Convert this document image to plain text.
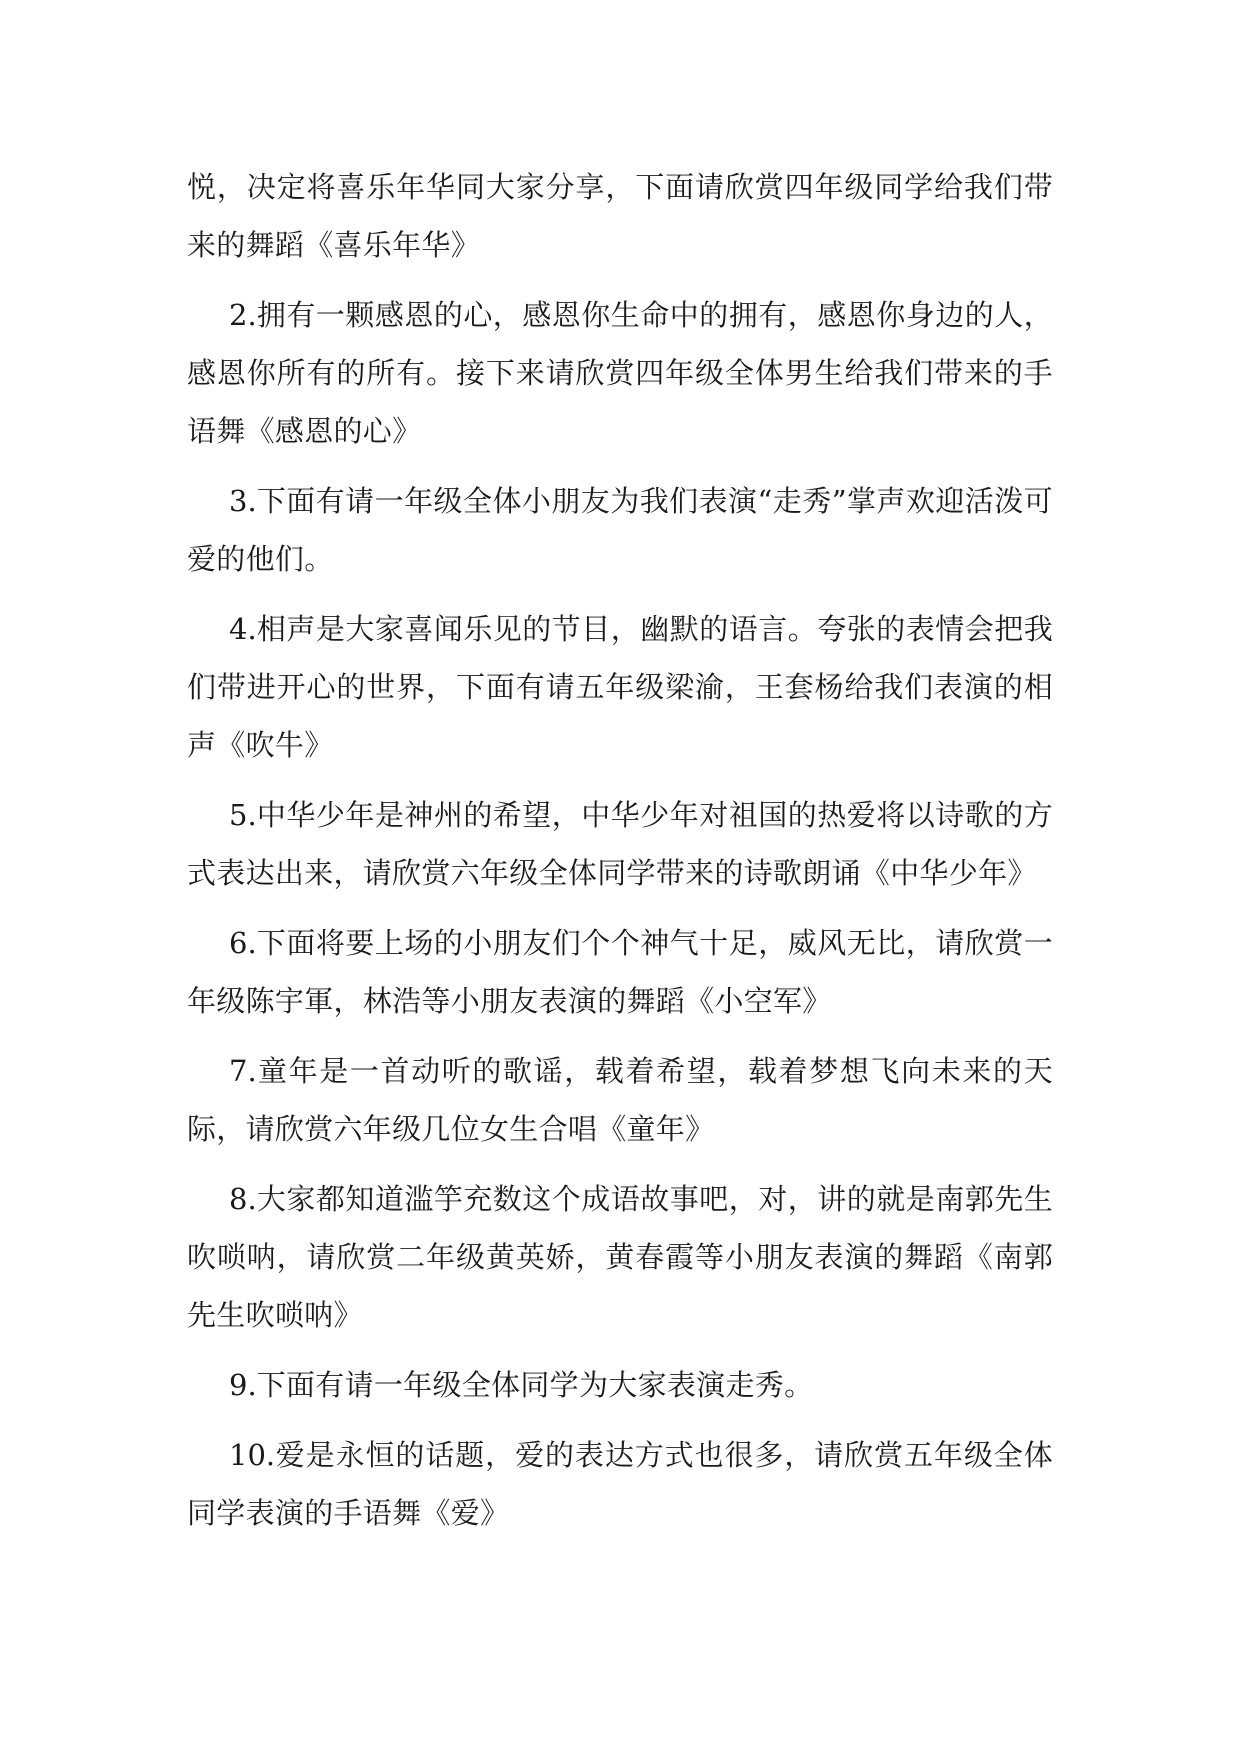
悦，决定将喜乐年华同大家分享，下面请欣赏四年级同学给我们带来的舞蹈《喜乐年华》

2.拥有一颗感恩的心，感恩你生命中的拥有，感恩你身边的人，感恩你所有的所有。接下来请欣赏四年级全体男生给我们带来的手语舞《感恩的心》

3.下面有请一年级全体小朋友为我们表演“走秀”掌声欢迎活泼可爱的他们。

4.相声是大家喜闻乐见的节目，幽默的语言。夸张的表情会把我们带进开心的世界，下面有请五年级梁渝，王套杨给我们表演的相声《吹牛》

5.中华少年是神州的希望，中华少年对祖国的热爱将以诗歌的方式表达出来，请欣赏六年级全体同学带来的诗歌朗诵《中华少年》

6.下面将要上场的小朋友们个个神气十足，威风无比，请欣赏一年级陈宇軍，林浩等小朋友表演的舞蹈《小空军》

7.童年是一首动听的歌谣，载着希望，载着梦想飞向未来的天际，请欣赏六年级几位女生合唱《童年》

8.大家都知道滥竽充数这个成语故事吧，对，讲的就是南郭先生吹唢呐，请欣赏二年级黄英娇，黄春霞等小朋友表演的舞蹈《南郭先生吹唢呐》

9.下面有请一年级全体同学为大家表演走秀。

10.爱是永恒的话题，爱的表达方式也很多，请欣赏五年级全体同学表演的手语舞《爱》
